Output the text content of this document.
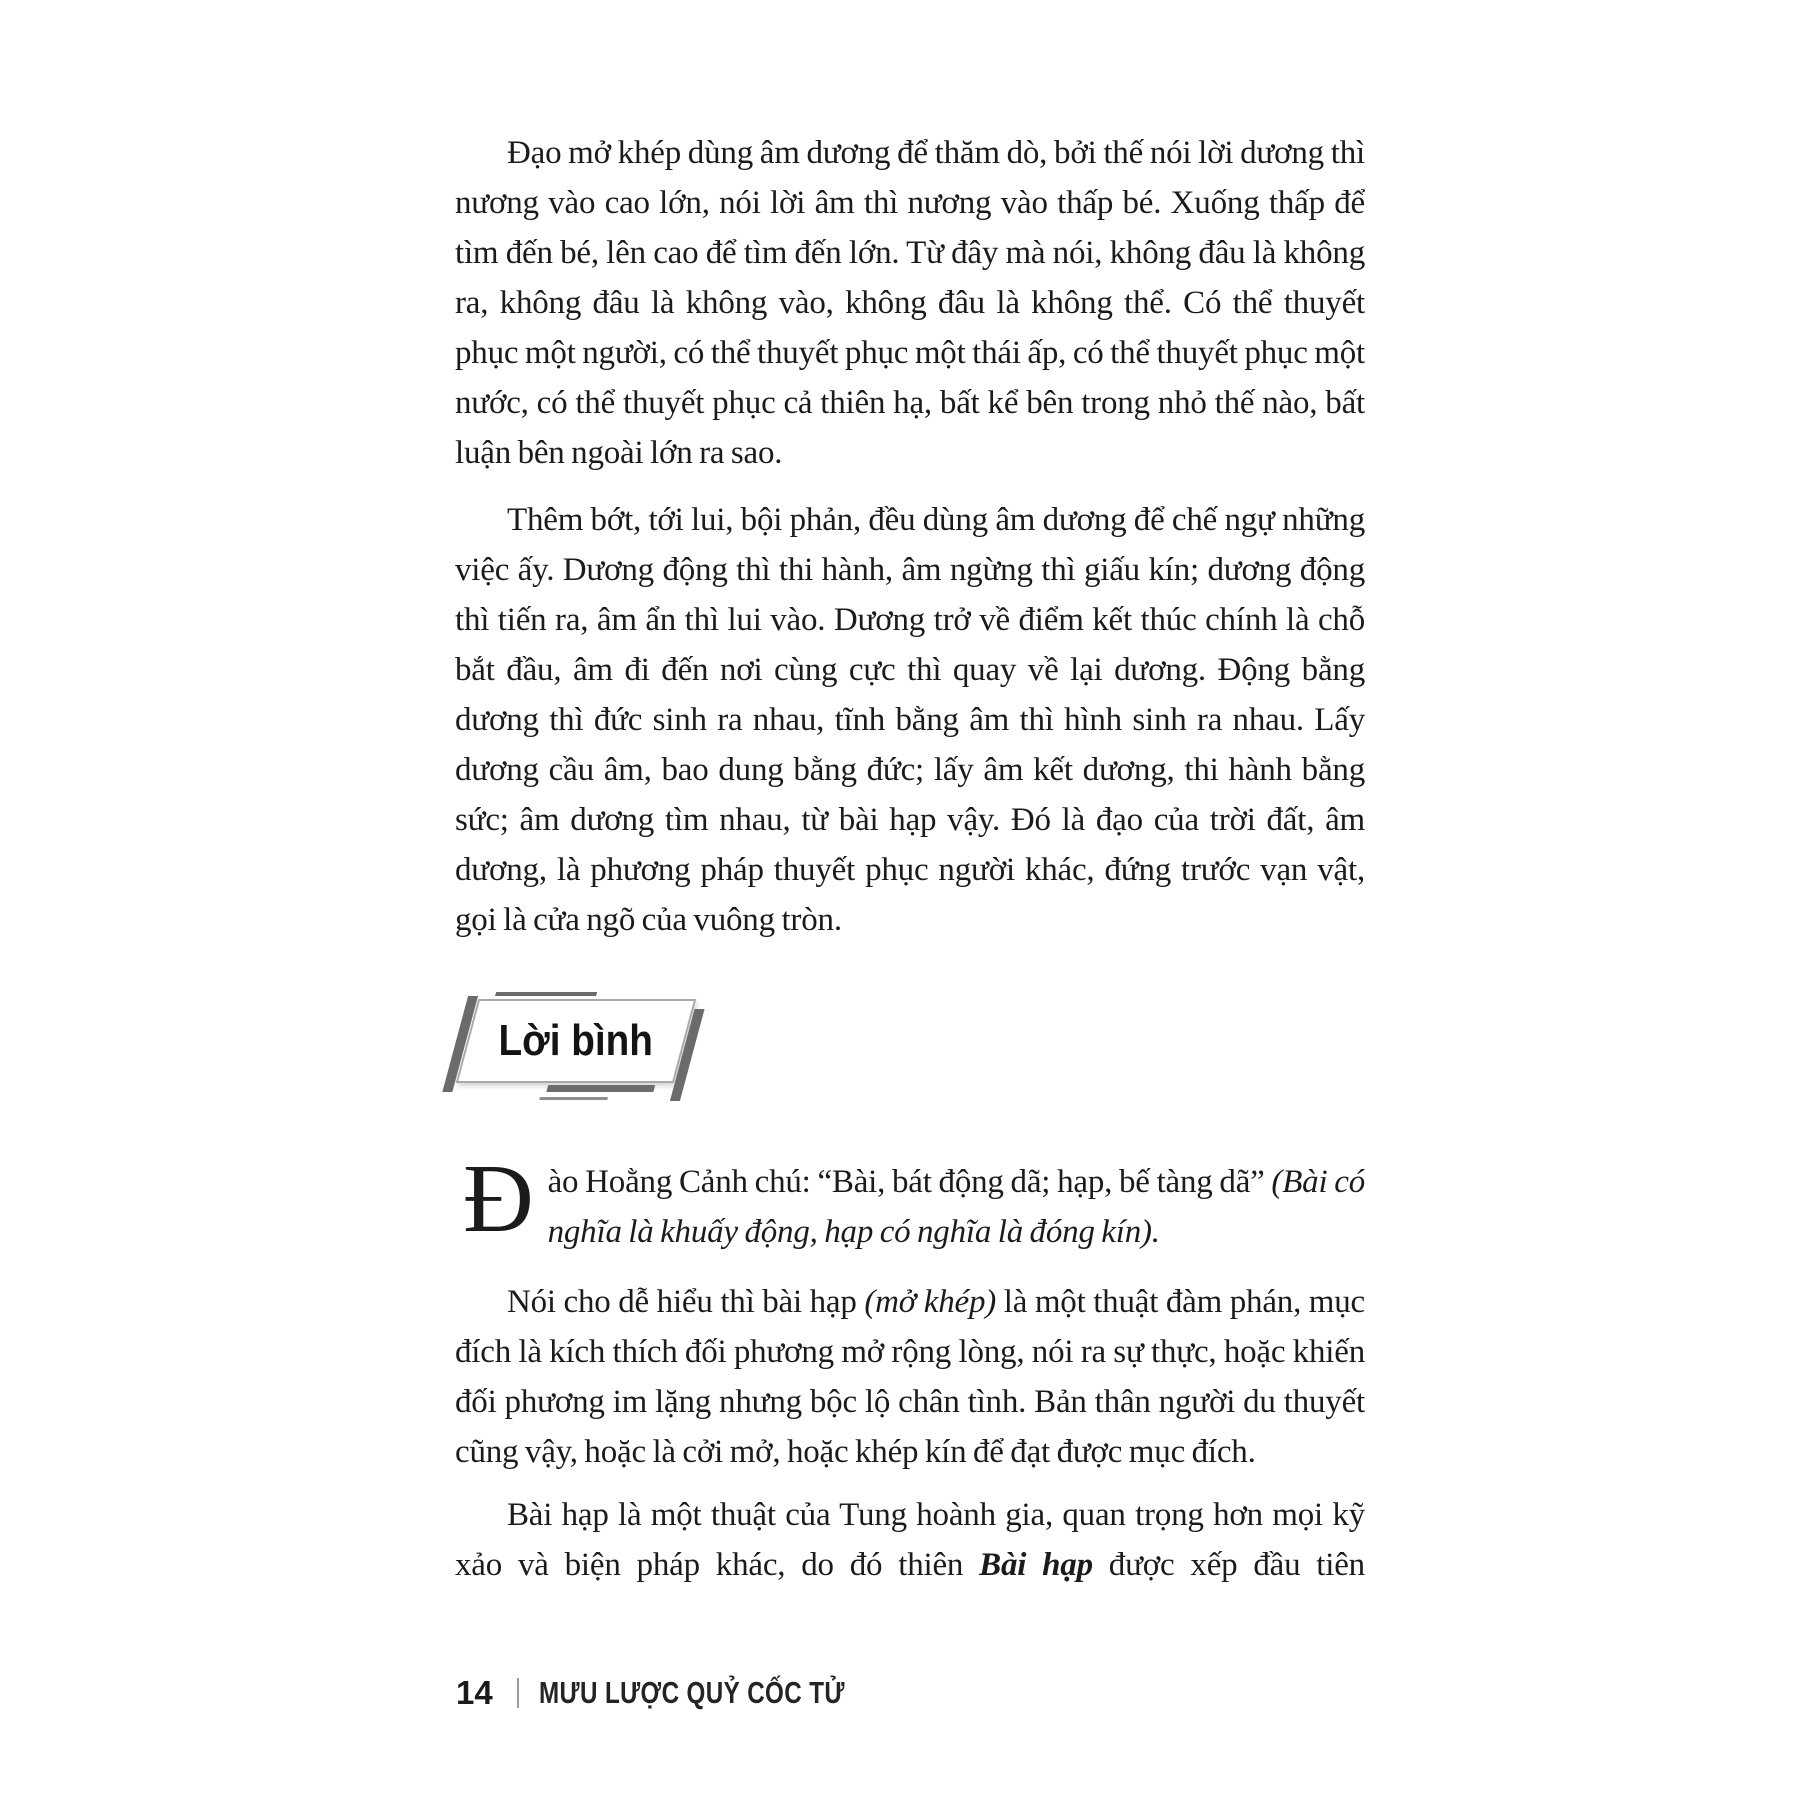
Đạo mở khép dùng âm dương để thăm dò, bởi thế nói lời dương thì nương vào cao lớn, nói lời âm thì nương vào thấp bé. Xuống thấp để tìm đến bé, lên cao để tìm đến lớn. Từ đây mà nói, không đâu là không ra, không đâu là không vào, không đâu là không thể. Có thể thuyết phục một người, có thể thuyết phục một thái ấp, có thể thuyết phục một nước, có thể thuyết phục cả thiên hạ, bất kể bên trong nhỏ thế nào, bất luận bên ngoài lớn ra sao.

Thêm bớt, tới lui, bội phản, đều dùng âm dương để chế ngự những việc ấy. Dương động thì thi hành, âm ngừng thì giấu kín; dương động thì tiến ra, âm ẩn thì lui vào. Dương trở về điểm kết thúc chính là chỗ bắt đầu, âm đi đến nơi cùng cực thì quay về lại dương. Động bằng dương thì đức sinh ra nhau, tĩnh bằng âm thì hình sinh ra nhau. Lấy dương cầu âm, bao dung bằng đức; lấy âm kết dương, thi hành bằng sức; âm dương tìm nhau, từ bài hạp vậy. Đó là đạo của trời đất, âm dương, là phương pháp thuyết phục người khác, đứng trước vạn vật, gọi là cửa ngõ của vuông tròn.

Lời bình

Đào Hoằng Cảnh chú: “Bài, bát động dã; hạp, bế tàng dã” (Bài có nghĩa là khuấy động, hạp có nghĩa là đóng kín).

Nói cho dễ hiểu thì bài hạp (mở khép) là một thuật đàm phán, mục đích là kích thích đối phương mở rộng lòng, nói ra sự thực, hoặc khiến đối phương im lặng nhưng bộc lộ chân tình. Bản thân người du thuyết cũng vậy, hoặc là cởi mở, hoặc khép kín để đạt được mục đích.

Bài hạp là một thuật của Tung hoành gia, quan trọng hơn mọi kỹ xảo và biện pháp khác, do đó thiên Bài hạp được xếp đầu tiên

14 MƯU LƯỢC QUỶ CỐC TỬ
